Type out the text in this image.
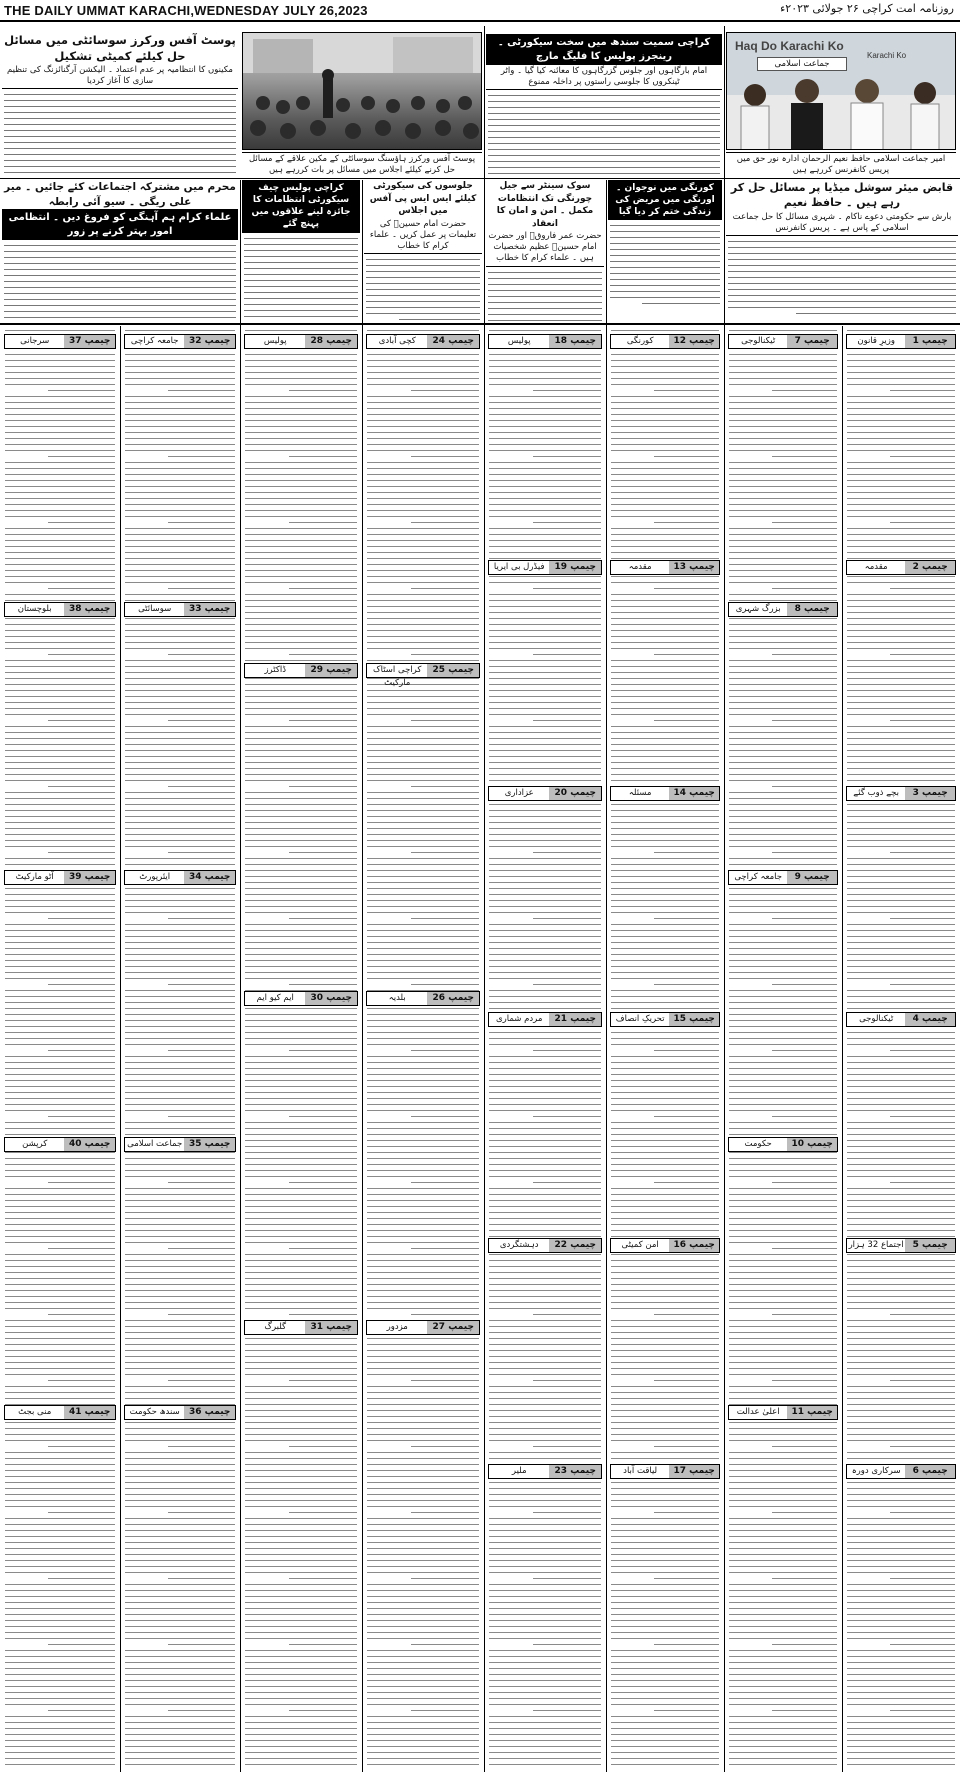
THE DAILY UMMAT KARACHI,WEDNESDAY JULY 26,2023	روزنامہ امت کراچی ۲۶ جولائی ۲۰۲۳ء
پوسٹ آفس ورکرز سوسائٹی میں مسائل حل کیلئے کمیٹی تشکیل
مکینوں کا انتظامیہ پر عدم اعتماد ۔ الیکشن آرگنائزنگ کی تنظیم سازی کا آغاز کردیا
پوسٹ آفس ورکرز ہاؤسنگ سوسائٹی کے مکین علاقے کے مسائل حل کرنے کیلئے اجلاس میں مسائل پر بات کررہے ہیں
کراچی سمیت سندھ میں سخت سیکورٹی ۔ رینجرز پولیس کا فلیگ مارچ
امام بارگاہوں اور جلوس گزرگاہوں کا معائنہ کیا گیا ۔ واٹر ٹینکروں کا جلوسی راستوں پر داخلہ ممنوع
Haq Do Karachi Ko
Karachi Ko
جماعت اسلامی
امیر جماعت اسلامی حافظ نعیم الرحمان ادارہ نور حق میں پریس کانفرنس کررہے ہیں
محرم میں مشترکہ اجتماعات کئے جائیں ۔ میر علی ریگی ۔ سیو آئی رابطہ
علماء کرام ہم آہنگی کو فروغ دیں ۔ انتظامی امور بہتر کرنے پر زور
کراچی پولیس چیف سیکورٹی انتظامات کا جائزہ لینے علاقوں میں پہنچ گئے
جلوسوں کی سیکورٹی کیلئے ایس ایس پی آفس میں اجلاس
حضرت امام حسینؓ کی تعلیمات پر عمل کریں ۔ علماء کرام کا خطاب
سوک سینٹر سے جیل چورنگی تک انتظامات مکمل ۔ امن و امان کا انعقاد
حضرت عمر فاروقؓ اور حضرت امام حسینؓ عظیم شخصیات ہیں ۔ علماء کرام کا خطاب
کورنگی میں نوجوان ۔ اورنگی میں مریض کی زندگی ختم کر دیا گیا
قابض میئر سوشل میڈیا پر مسائل حل کر رہے ہیں ۔ حافظ نعیم
بارش سے حکومتی دعوے ناکام ۔ شہری مسائل کا حل جماعت اسلامی کے پاس ہے ۔ پریس کانفرنس
چیمپ 1
وزیرِ قانون
چیمپ 2
مقدمہ
چیمپ 3
بچے ذوب گئے
چیمپ 4
ٹیکنالوجی
چیمپ 5
اجتماع 32 ہزار
چیمپ 6
سرکاری دورہ
چیمپ 7
ٹیکنالوجی
چیمپ 8
بزرگ شہری
چیمپ 9
جامعہ کراچی
چیمپ 10
حکومت
چیمپ 11
اعلیٰ عدالت
چیمپ 12
کورنگی
چیمپ 13
مقدمہ
چیمپ 14
مسئلہ
چیمپ 15
تحریکِ انصاف
چیمپ 16
امن کمیٹی
چیمپ 17
لیاقت آباد
چیمپ 18
پولیس
چیمپ 19
فیڈرل بی ایریا
چیمپ 20
عزاداری
چیمپ 21
مردم شماری
چیمپ 22
دہشتگردی
چیمپ 23
ملیر
چیمپ 24
کچی آبادی
چیمپ 25
کراچی اسٹاک مارکیٹ
چیمپ 26
بلدیہ
چیمپ 27
مزدور
چیمپ 28
پولیس
چیمپ 29
ڈاکٹرز
چیمپ 30
ایم کیو ایم
چیمپ 31
گلبرگ
چیمپ 32
جامعہ کراچی
چیمپ 33
سوسائٹی
چیمپ 34
ایئرپورٹ
چیمپ 35
جماعت اسلامی
چیمپ 36
سندھ حکومت
چیمپ 37
سرجانی
چیمپ 38
بلوچستان
چیمپ 39
آٹو مارکیٹ
چیمپ 40
کرپشن
چیمپ 41
منی بجٹ
